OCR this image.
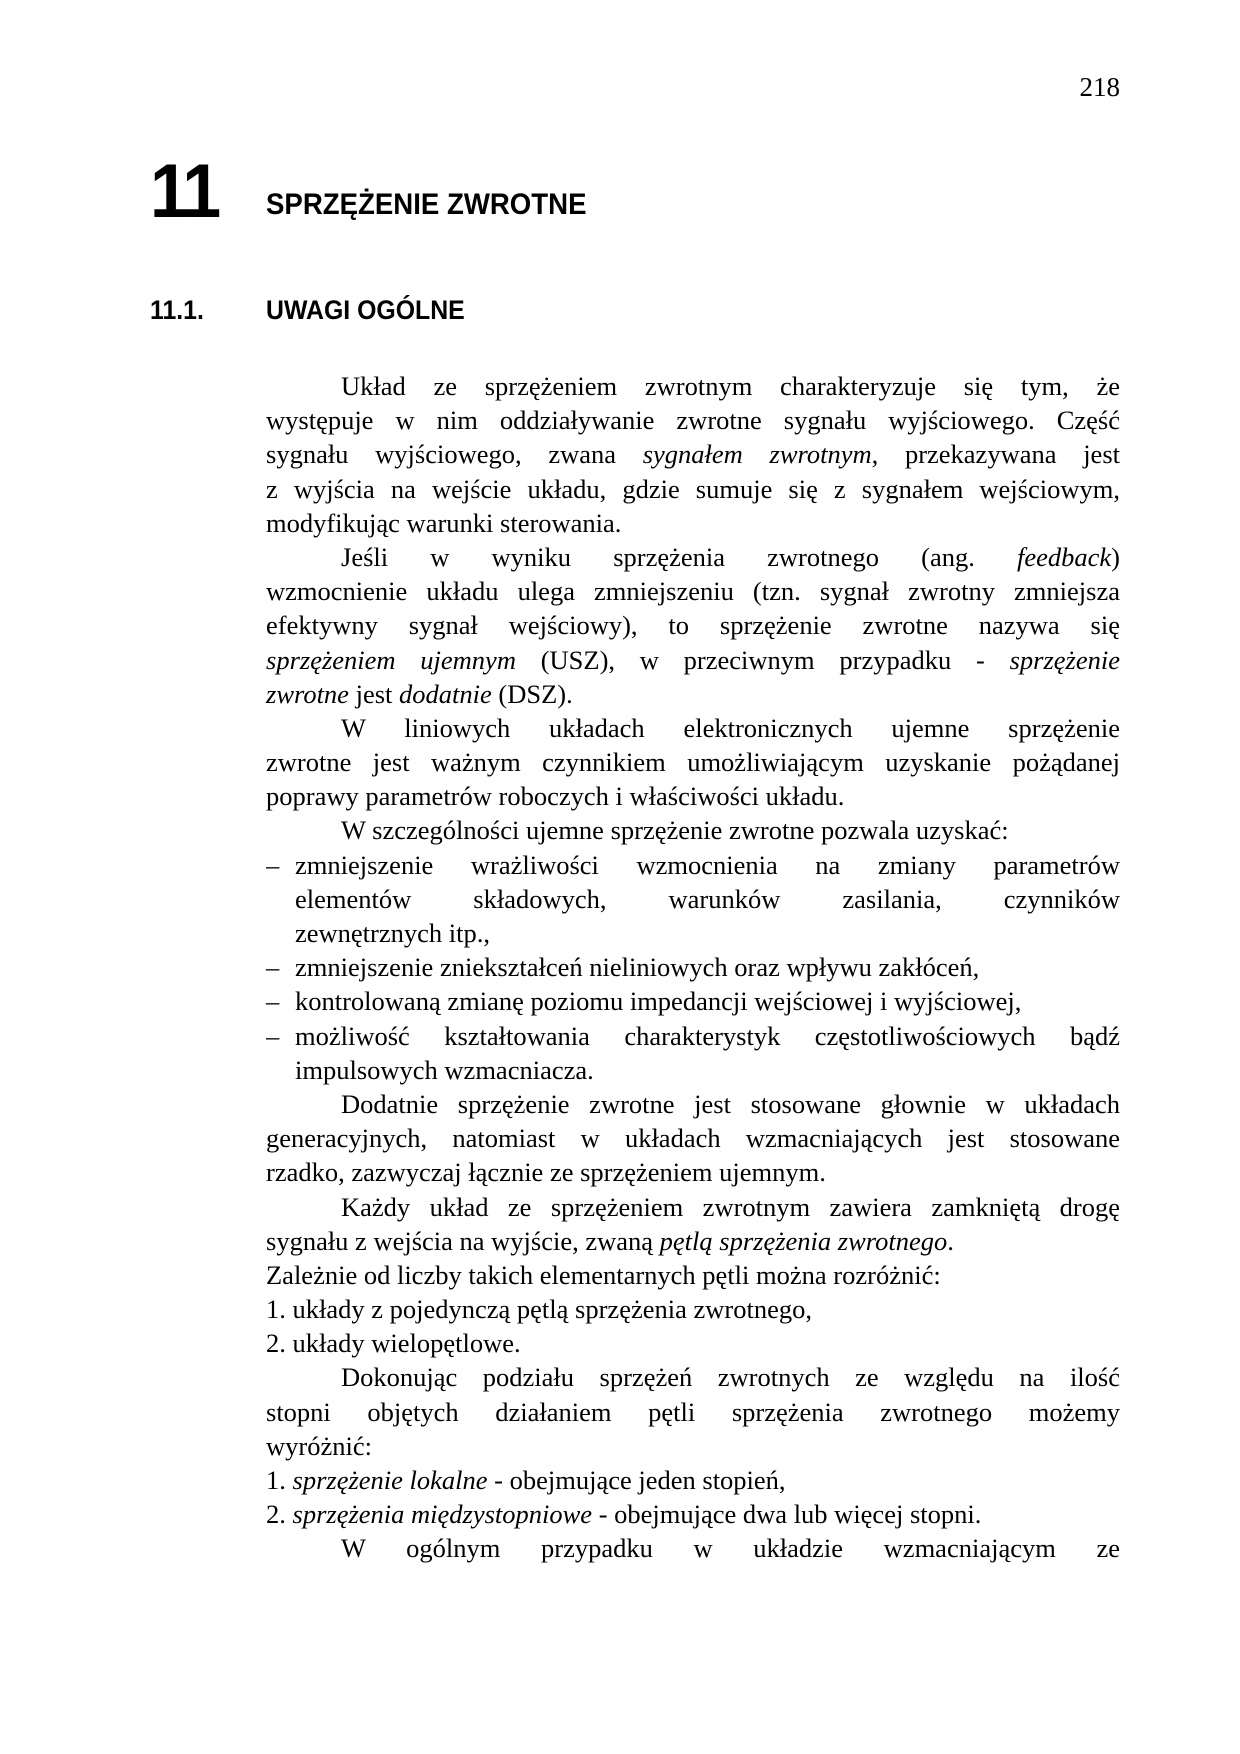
218
11 SPRZĘŻENIE ZWROTNE
11.1. UWAGI OGÓLNE
Układ ze sprzężeniem zwrotnym charakteryzuje się tym, że
występuje w nim oddziaływanie zwrotne sygnału wyjściowego. Część
sygnału wyjściowego, zwana sygnałem zwrotnym, przekazywana jest
z wyjścia na wejście układu, gdzie sumuje się z sygnałem wejściowym,
modyfikując warunki sterowania.
Jeśli w wyniku sprzężenia zwrotnego (ang. feedback)
wzmocnienie układu ulega zmniejszeniu (tzn. sygnał zwrotny zmniejsza
efektywny sygnał wejściowy), to sprzężenie zwrotne nazywa się
sprzężeniem ujemnym (USZ), w przeciwnym przypadku - sprzężenie
zwrotne jest dodatnie (DSZ).
W liniowych układach elektronicznych ujemne sprzężenie
zwrotne jest ważnym czynnikiem umożliwiającym uzyskanie pożądanej
poprawy parametrów roboczych i właściwości układu.
W szczególności ujemne sprzężenie zwrotne pozwala uzyskać:
– zmniejszenie wrażliwości wzmocnienia na zmiany parametrów
elementów składowych, warunków zasilania, czynników
zewnętrznych itp.,
– zmniejszenie zniekształceń nieliniowych oraz wpływu zakłóceń,
– kontrolowaną zmianę poziomu impedancji wejściowej i wyjściowej,
– możliwość kształtowania charakterystyk częstotliwościowych bądź
impulsowych wzmacniacza.
Dodatnie sprzężenie zwrotne jest stosowane głownie w układach
generacyjnych, natomiast w układach wzmacniających jest stosowane
rzadko, zazwyczaj łącznie ze sprzężeniem ujemnym.
Każdy układ ze sprzężeniem zwrotnym zawiera zamkniętą drogę
sygnału z wejścia na wyjście, zwaną pętlą sprzężenia zwrotnego.
Zależnie od liczby takich elementarnych pętli można rozróżnić:
1. układy z pojedynczą pętlą sprzężenia zwrotnego,
2. układy wielopętlowe.
Dokonując podziału sprzężeń zwrotnych ze względu na ilość
stopni objętych działaniem pętli sprzężenia zwrotnego możemy
wyróżnić:
1. sprzężenie lokalne - obejmujące jeden stopień,
2. sprzężenia międzystopniowe - obejmujące dwa lub więcej stopni.
W ogólnym przypadku w układzie wzmacniającym ze
